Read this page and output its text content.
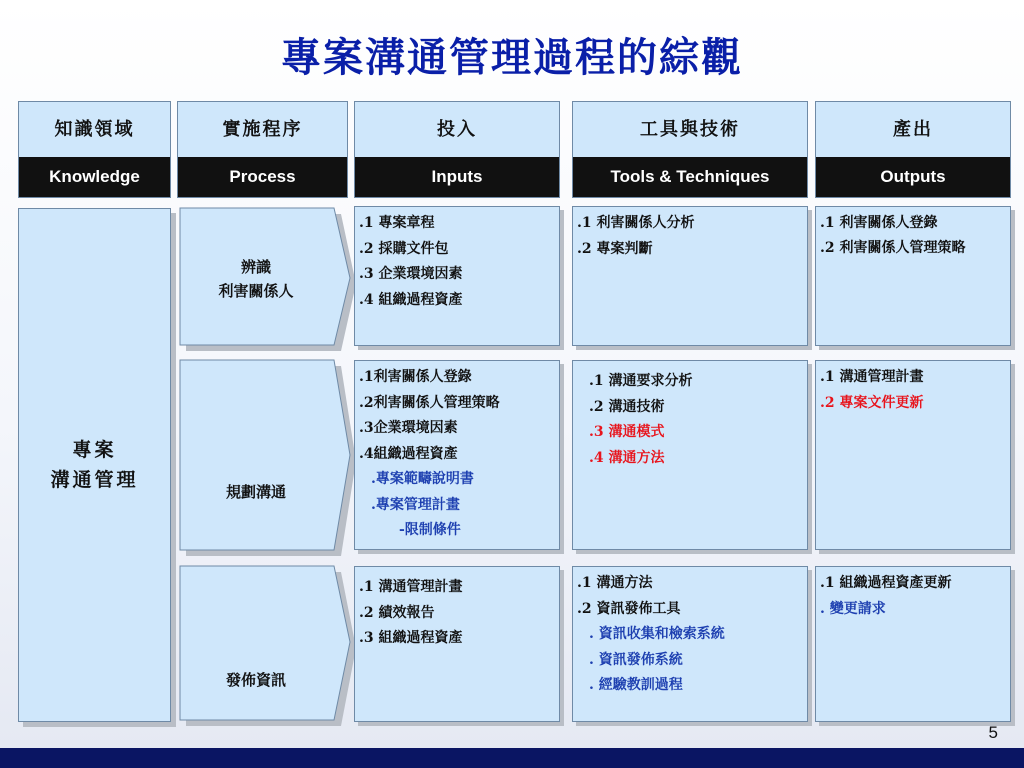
專案溝通管理過程的綜觀
知識領域
Knowledge
實施程序
Process
投入
Inputs
工具與技術
Tools & Techniques
產出
Outputs
專案
溝通管理
辨識
利害關係人
規劃溝通
發佈資訊
.1 專案章程
.2 採購文件包
.3 企業環境因素
.4 組織過程資產
.1 利害關係人分析
.2 專案判斷
.1 利害關係人登錄
.2 利害關係人管理策略
.1利害關係人登錄
.2利害關係人管理策略
.3企業環境因素
.4組織過程資產
.專案範疇說明書
.專案管理計畫
-限制條件
.1 溝通要求分析
.2 溝通技術
.3 溝通模式
.4 溝通方法
.1 溝通管理計畫
.2 專案文件更新
.1 溝通管理計畫
.2 績效報告
.3 組織過程資產
.1 溝通方法
.2 資訊發佈工具
. 資訊收集和檢索系統
. 資訊發佈系統
. 經驗教訓過程
.1 組織過程資產更新
. 變更請求
5
